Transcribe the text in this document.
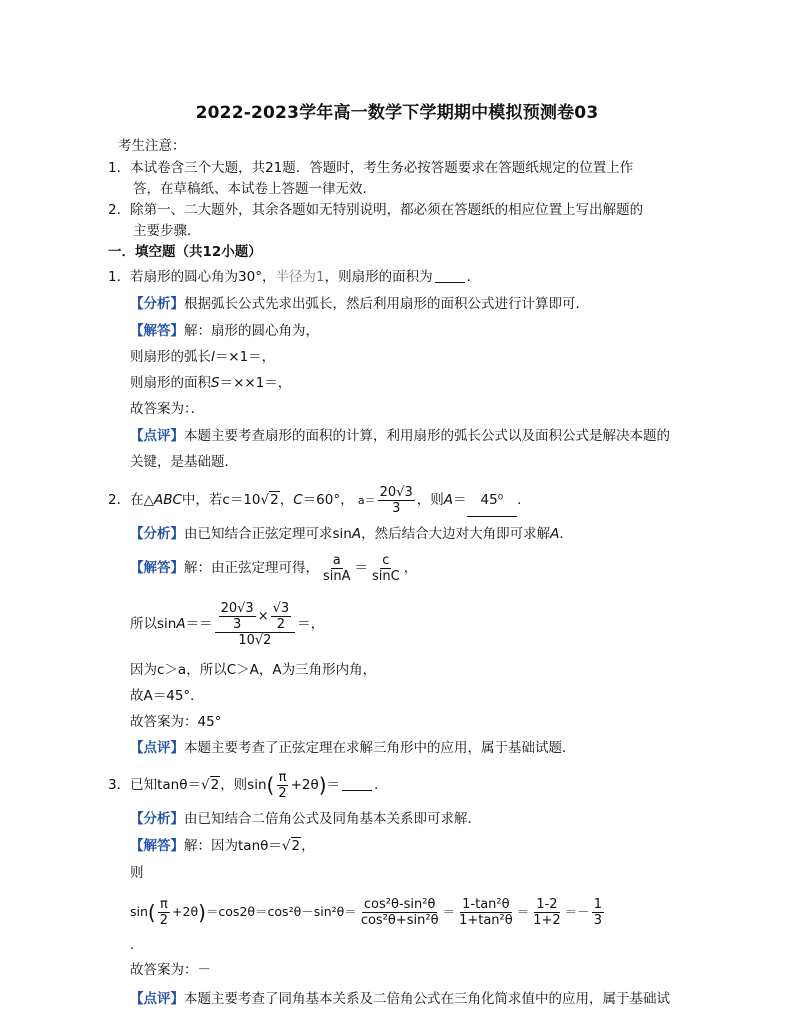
2022-2023学年高一数学下学期期中模拟预测卷03
考生注意：
1．本试卷含三个大题，共21题．答题时，考生务必按答题要求在答题纸规定的位置上作
答，在草稿纸、本试卷上答题一律无效．
2．除第一、二大题外，其余各题如无特别说明，都必须在答题纸的相应位置上写出解题的
主要步骤．
一．填空题（共12小题）
1．若扇形的圆心角为30°，半径为1，则扇形的面积为	．
【分析】根据弧长公式先求出弧长，然后利用扇形的面积公式进行计算即可．
【解答】解：扇形的圆心角为，
则扇形的弧长l＝×1＝，
则扇形的面积S＝××1＝，
故答案为：．
【点评】本题主要考查扇形的面积的计算，利用扇形的弧长公式以及面积公式是解决本题的
关键，是基础题．
2．在△ABC中，若c＝10√2，C＝60°， $a= \frac{20√3}{3}$ ，则A＝ 45⁰ ．
【分析】由已知结合正弦定理可求sinA，然后结合大边对大角即可求解A．
【解答】解：由正弦定理可得， $\frac{a}{\sin A} = \frac{c}{\sin C}$ ，
所以$\sin A== \frac{\frac{20√3}{3} \times \frac{√3}{2}}{10√2}$ ＝，
因为c＞a，所以C＞A，A为三角形内角，
故A＝45°．
故答案为：45°
【点评】本题主要考查了正弦定理在求解三角形中的应用，属于基础试题．
3．已知tanθ＝√2，则$\sin( \frac{\pi}{2} +2\theta)=$	．
【分析】由已知结合二倍角公式及同角基本关系即可求解．
【解答】解：因为tanθ＝√2，
则
$\sin( \frac{\pi}{2} +2\theta)=\cos 2\theta=\cos^2\theta-\sin^2\theta= \frac{\text{cos²θ-sin²θ}}{\text{cos²θ+sin²θ}} = \frac{\text{1-tan²θ}}{\text{1+tan²θ}} = \frac{1-2}{1+2} =- \frac{1}{3}$
．
故答案为：－
【点评】本题主要考查了同角基本关系及二倍角公式在三角化简求值中的应用，属于基础试
